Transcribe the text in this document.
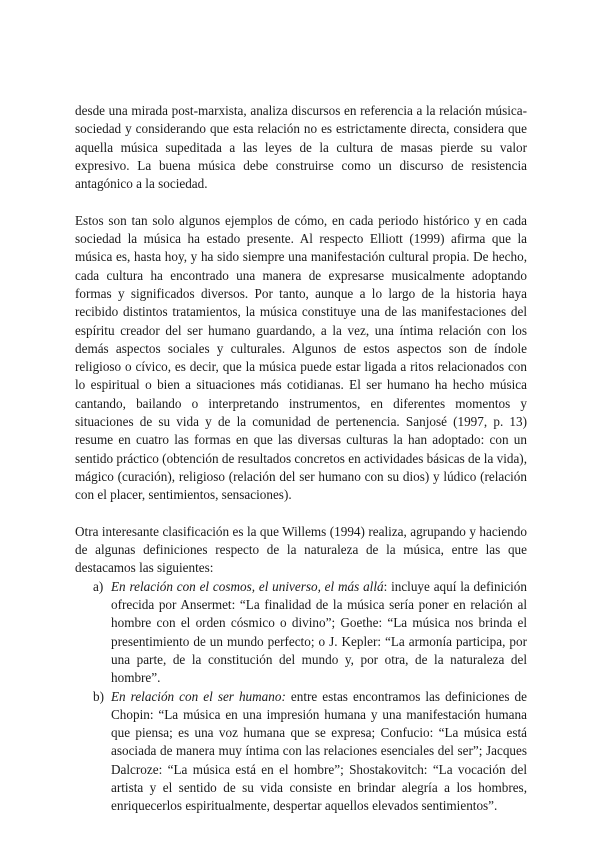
desde una mirada post-marxista, analiza discursos en referencia a la relación música-sociedad y considerando que esta relación no es estrictamente directa, considera que aquella música supeditada a las leyes de la cultura de masas pierde su valor expresivo. La buena música debe construirse como un discurso de resistencia antagónico a la sociedad.

Estos son tan solo algunos ejemplos de cómo, en cada periodo histórico y en cada sociedad la música ha estado presente. Al respecto Elliott (1999) afirma que la música es, hasta hoy, y ha sido siempre una manifestación cultural propia. De hecho, cada cultura ha encontrado una manera de expresarse musicalmente adoptando formas y significados diversos. Por tanto, aunque a lo largo de la historia haya recibido distintos tratamientos, la música constituye una de las manifestaciones del espíritu creador del ser humano guardando, a la vez, una íntima relación con los demás aspectos sociales y culturales. Algunos de estos aspectos son de índole religioso o cívico, es decir, que la música puede estar ligada a ritos relacionados con lo espiritual o bien a situaciones más cotidianas. El ser humano ha hecho música cantando, bailando o interpretando instrumentos, en diferentes momentos y situaciones de su vida y de la comunidad de pertenencia. Sanjosé (1997, p. 13) resume en cuatro las formas en que las diversas culturas la han adoptado: con un sentido práctico (obtención de resultados concretos en actividades básicas de la vida), mágico (curación), religioso (relación del ser humano con su dios) y lúdico (relación con el placer, sentimientos, sensaciones).

Otra interesante clasificación es la que Willems (1994) realiza, agrupando y haciendo de algunas definiciones respecto de la naturaleza de la música, entre las que destacamos las siguientes:

a) En relación con el cosmos, el universo, el más allá: incluye aquí la definición ofrecida por Ansermet: “La finalidad de la música sería poner en relación al hombre con el orden cósmico o divino”; Goethe: “La música nos brinda el presentimiento de un mundo perfecto; o J. Kepler: “La armonía participa, por una parte, de la constitución del mundo y, por otra, de la naturaleza del hombre”.
b) En relación con el ser humano: entre estas encontramos las definiciones de Chopin: “La música en una impresión humana y una manifestación humana que piensa; es una voz humana que se expresa; Confucio: “La música está asociada de manera muy íntima con las relaciones esenciales del ser”; Jacques Dalcroze: “La música está en el hombre”; Shostakovitch: “La vocación del artista y el sentido de su vida consiste en brindar alegría a los hombres, enriquecerlos espiritualmente, despertar aquellos elevados sentimientos”.
